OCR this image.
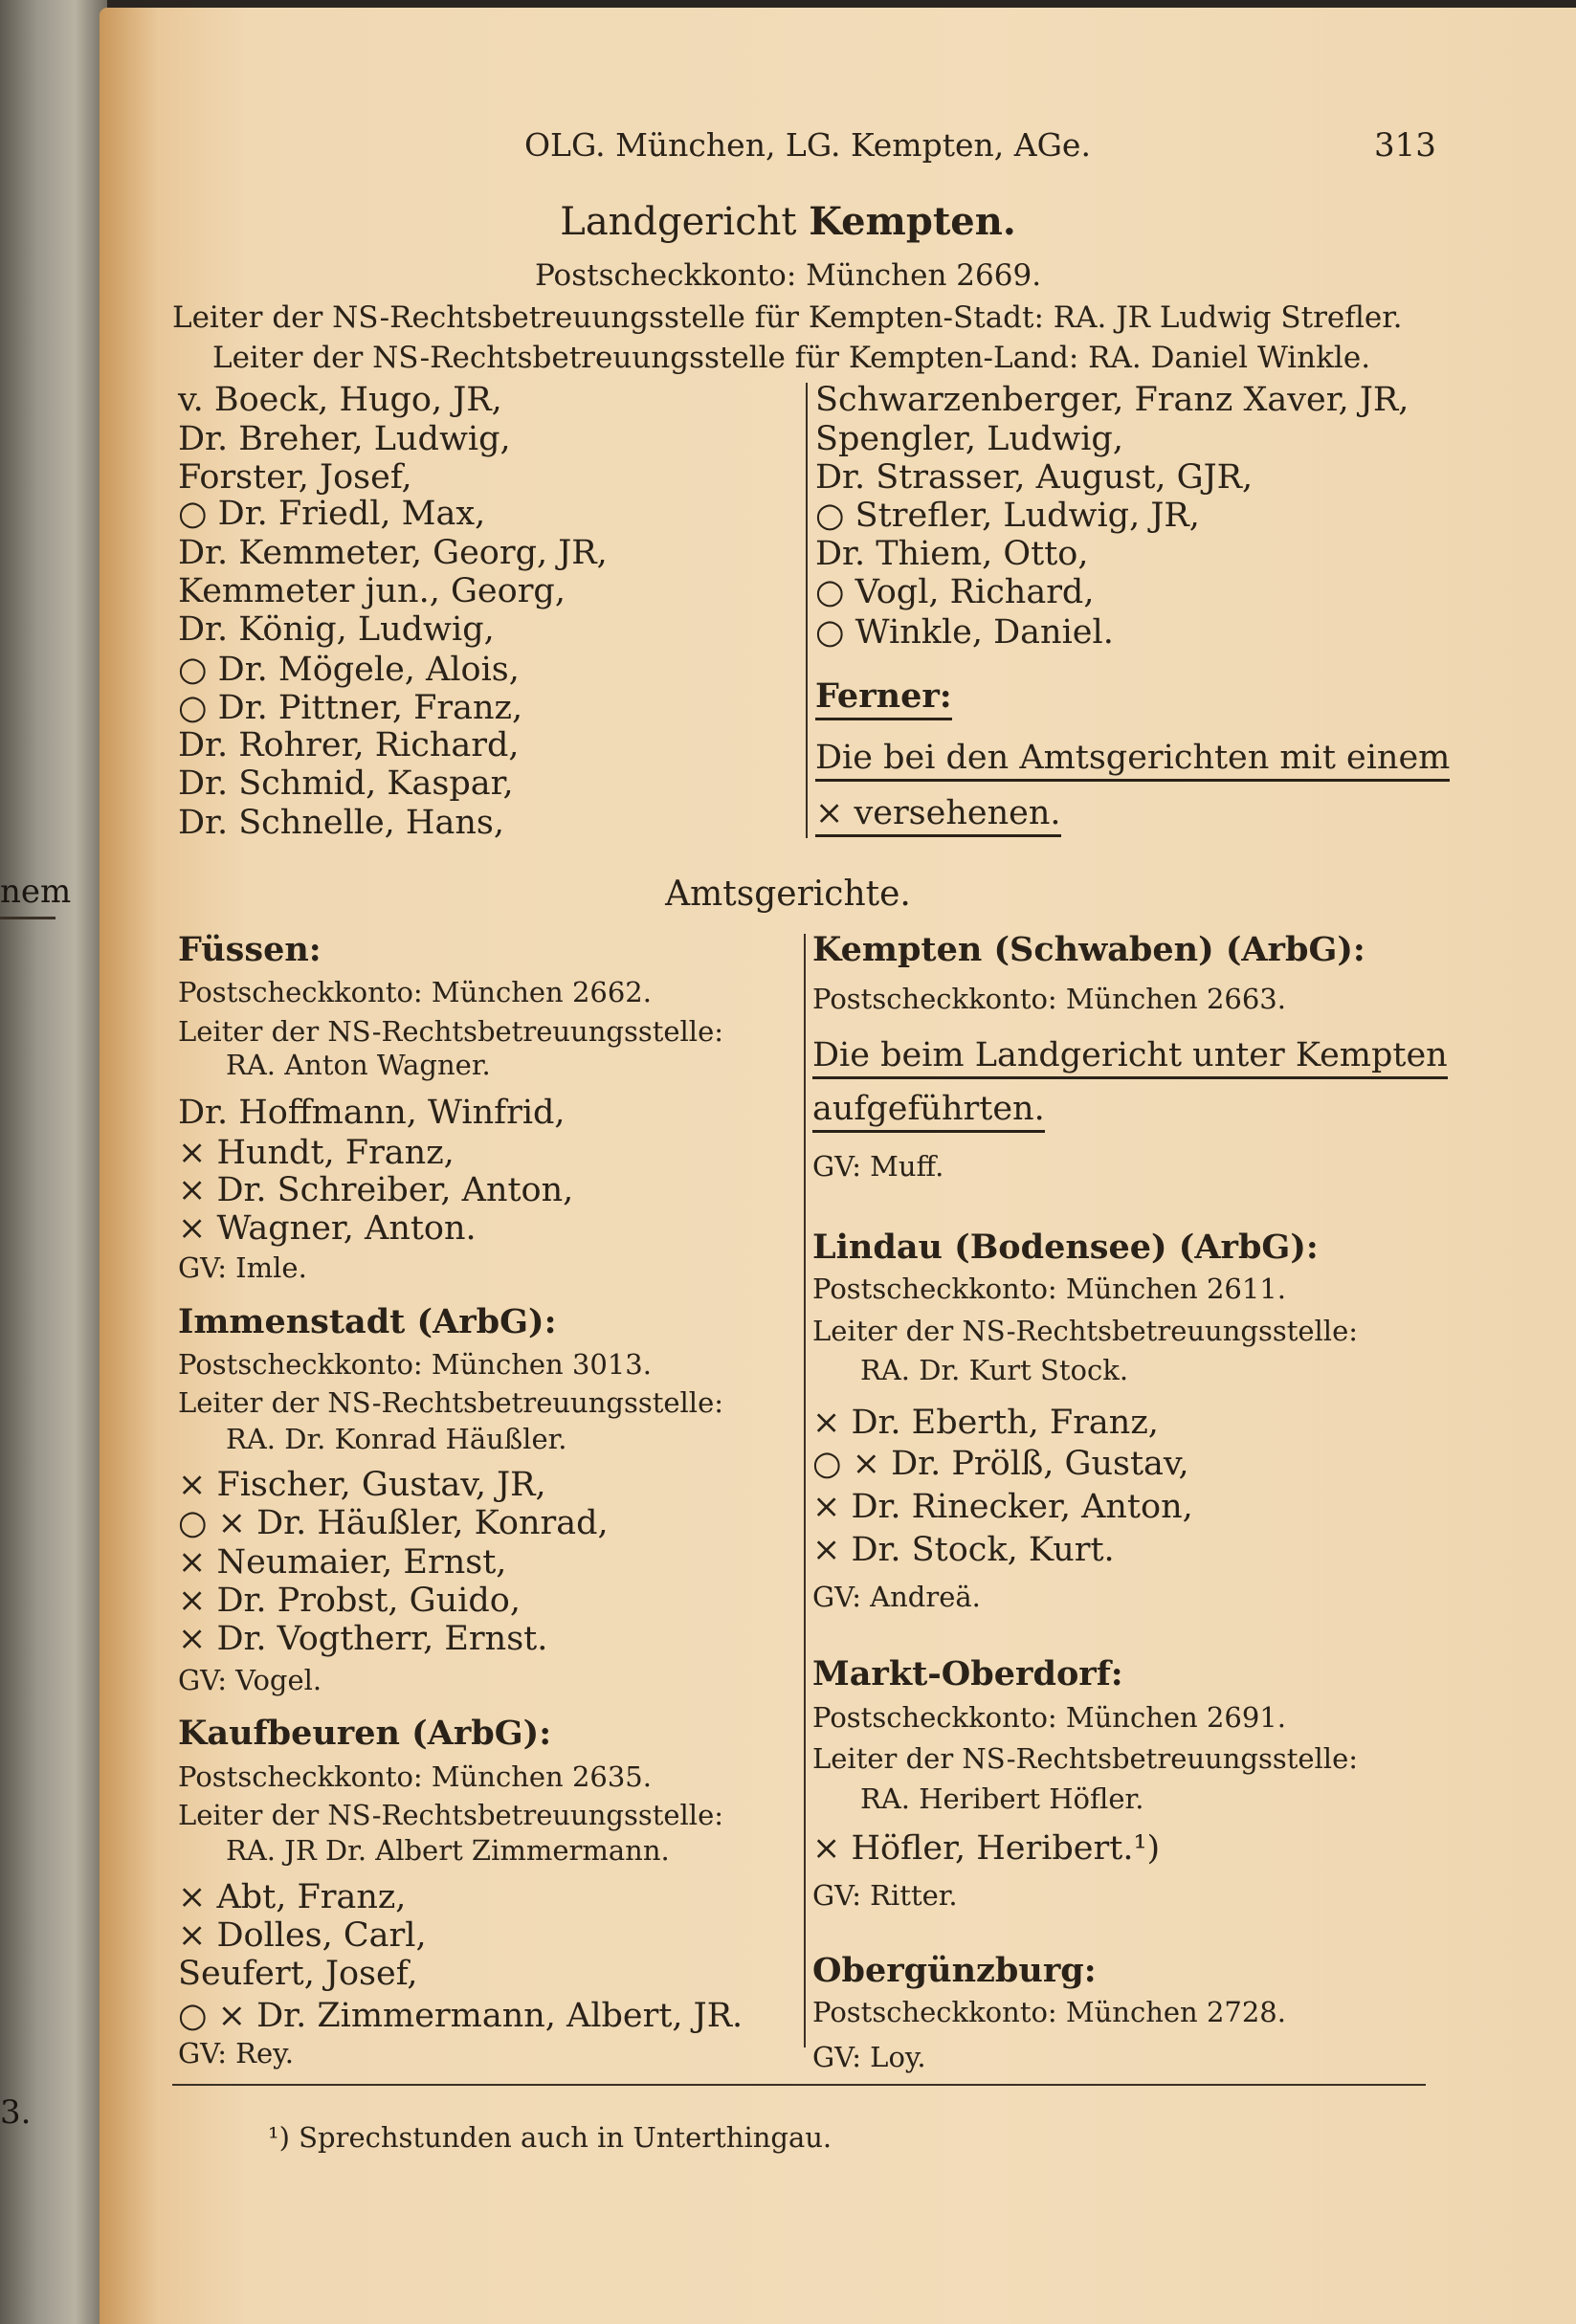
nem
3.
OLG. München, LG. Kempten, AGe.	313
Landgericht Kempten.
Postscheckkonto: München 2669.
Leiter der NS-Rechtsbetreuungsstelle für Kempten-Stadt: RA. JR Ludwig Strefler.
Leiter der NS-Rechtsbetreuungsstelle für Kempten-Land: RA. Daniel Winkle.
Ferner:
Die bei den Amtsgerichten mit einem
× versehenen.
Amtsgerichte.
¹) Sprechstunden auch in Unterthingau.
v. Boeck, Hugo, JR,
Dr. Breher, Ludwig,
Forster, Josef,
○ Dr. Friedl, Max,
Dr. Kemmeter, Georg, JR,
Kemmeter jun., Georg,
Dr. König, Ludwig,
○ Dr. Mögele, Alois,
○ Dr. Pittner, Franz,
Dr. Rohrer, Richard,
Dr. Schmid, Kaspar,
Dr. Schnelle, Hans,
Schwarzenberger, Franz Xaver, JR,
Spengler, Ludwig,
Dr. Strasser, August, GJR,
○ Strefler, Ludwig, JR,
Dr. Thiem, Otto,
○ Vogl, Richard,
○ Winkle, Daniel.
Füssen:
Postscheckkonto: München 2662.
Leiter der NS-Rechtsbetreuungsstelle:
RA. Anton Wagner.
Dr. Hoffmann, Winfrid,
× Hundt, Franz,
× Dr. Schreiber, Anton,
× Wagner, Anton.
GV: Imle.
Immenstadt (ArbG):
Postscheckkonto: München 3013.
Leiter der NS-Rechtsbetreuungsstelle:
RA. Dr. Konrad Häußler.
× Fischer, Gustav, JR,
○ × Dr. Häußler, Konrad,
× Neumaier, Ernst,
× Dr. Probst, Guido,
× Dr. Vogtherr, Ernst.
GV: Vogel.
Kaufbeuren (ArbG):
Postscheckkonto: München 2635.
Leiter der NS-Rechtsbetreuungsstelle:
RA. JR Dr. Albert Zimmermann.
× Abt, Franz,
× Dolles, Carl,
Seufert, Josef,
○ × Dr. Zimmermann, Albert, JR.
GV: Rey.
Kempten (Schwaben) (ArbG):
Postscheckkonto: München 2663.
Die beim Landgericht unter Kempten
aufgeführten.
GV: Muff.
Lindau (Bodensee) (ArbG):
Postscheckkonto: München 2611.
Leiter der NS-Rechtsbetreuungsstelle:
RA. Dr. Kurt Stock.
× Dr. Eberth, Franz,
○ × Dr. Prölß, Gustav,
× Dr. Rinecker, Anton,
× Dr. Stock, Kurt.
GV: Andreä.
Markt-Oberdorf:
Postscheckkonto: München 2691.
Leiter der NS-Rechtsbetreuungsstelle:
RA. Heribert Höfler.
× Höfler, Heribert.¹)
GV: Ritter.
Obergünzburg:
Postscheckkonto: München 2728.
GV: Loy.
